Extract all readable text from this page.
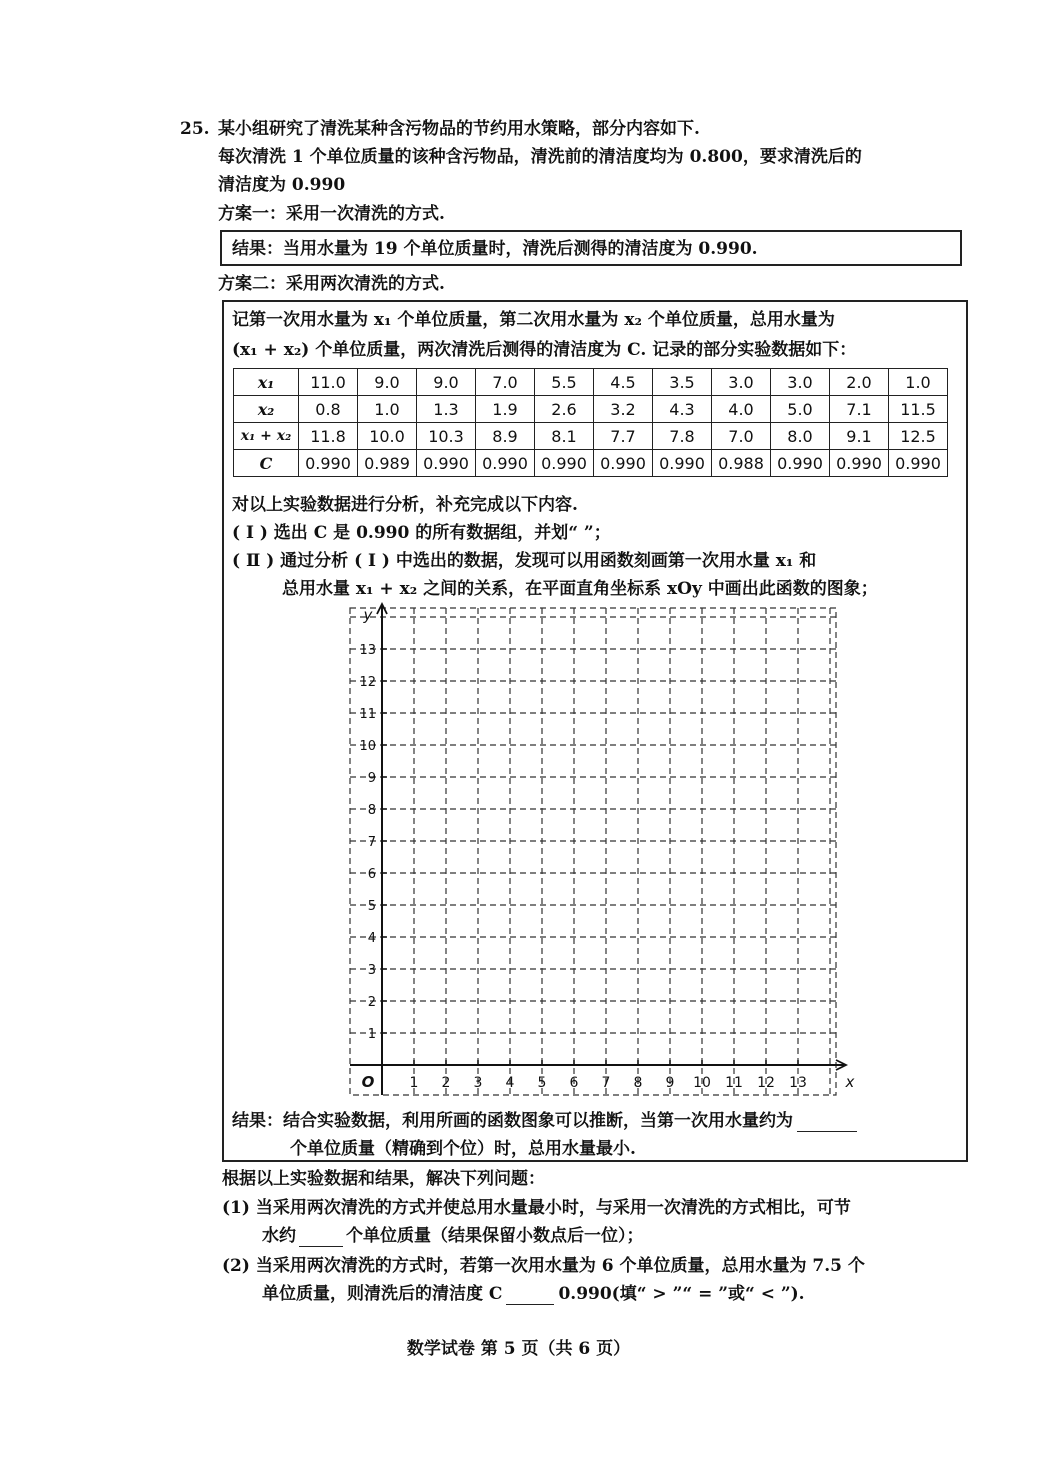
25. 某小组研究了清洗某种含污物品的节约用水策略，部分内容如下.
每次清洗 1 个单位质量的该种含污物品，清洗前的清洁度均为 0.800，要求清洗后的
清洁度为 0.990
方案一：采用一次清洗的方式.
结果：当用水量为 19 个单位质量时，清洗后测得的清洁度为 0.990.
方案二：采用两次清洗的方式.
记第一次用水量为 x₁ 个单位质量，第二次用水量为 x₂ 个单位质量，总用水量为
(x₁ + x₂) 个单位质量，两次清洗后测得的清洁度为 C. 记录的部分实验数据如下：
x₁	11.0	9.0	9.0	7.0	5.5	4.5	3.5	3.0	3.0	2.0	1.0
x₂	0.8	1.0	1.3	1.9	2.6	3.2	4.3	4.0	5.0	7.1	11.5
x₁ + x₂	11.8	10.0	10.3	8.9	8.1	7.7	7.8	7.0	8.0	9.1	12.5
C	0.990	0.989	0.990	0.990	0.990	0.990	0.990	0.988	0.990	0.990	0.990
对以上实验数据进行分析，补充完成以下内容.
( Ⅰ ) 选出 C 是 0.990 的所有数据组，并划“ ”；
( Ⅱ ) 通过分析 ( Ⅰ ) 中选出的数据，发现可以用函数刻画第一次用水量 x₁ 和
总用水量 x₁ + x₂ 之间的关系，在平面直角坐标系 xOy 中画出此函数的图象；
1 2 3 4 5 6 7 8 9 10 11 12 13
1
2
3
4
5
6
7
8
9
10
11
12
13
O	x
y
结果：结合实验数据，利用所画的函数图象可以推断，当第一次用水量约为
个单位质量（精确到个位）时，总用水量最小.
根据以上实验数据和结果，解决下列问题：
(1) 当采用两次清洗的方式并使总用水量最小时，与采用一次清洗的方式相比，可节
水约	个单位质量（结果保留小数点后一位）；
(2) 当采用两次清洗的方式时，若第一次用水量为 6 个单位质量，总用水量为 7.5 个
单位质量，则清洗后的清洁度 C	0.990(填“ > ”“ = ”或“ < ”).
数学试卷 第 5 页（共 6 页）
